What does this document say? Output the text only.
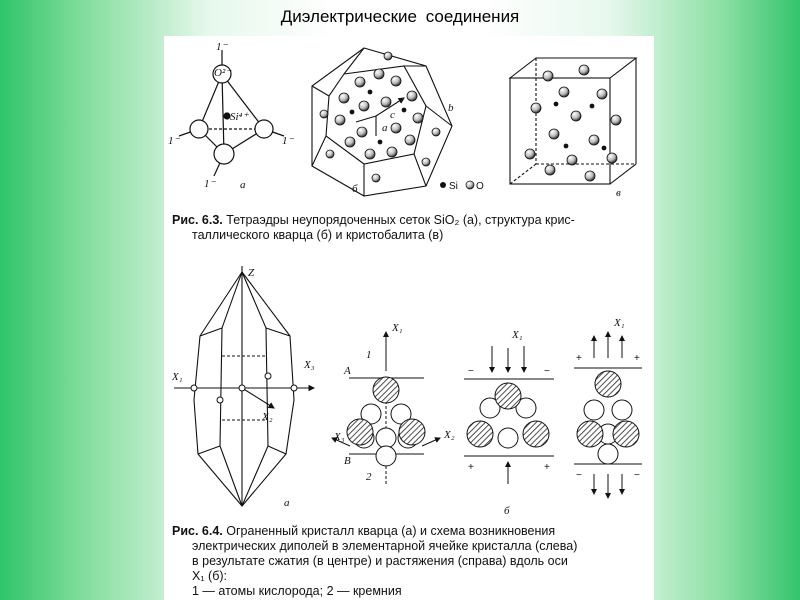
Диэлектрические соединения
O²⁻
Si⁴⁺
1⁻
1⁻	1⁻
1⁻ а
a
b
c
б	Si O
в
Z
X₁
X₃
X₂
а
X₁
1
2
A
B
X₃	X₂
X₁
−	−
+	+
б
X₁
+	+
−	−
Рис. 6.3. Тетраэдры неупорядоченных сеток SiO₂ (а), структура крис-
таллического кварца (б) и кристобалита (в)
Рис. 6.4. Ограненный кристалл кварца (а) и схема возникновения
электрических диполей в элементарной ячейке кристалла (слева)
в результате сжатия (в центре) и растяжения (справа) вдоль оси
X₁ (б):
1 — атомы кислорода; 2 — кремния
